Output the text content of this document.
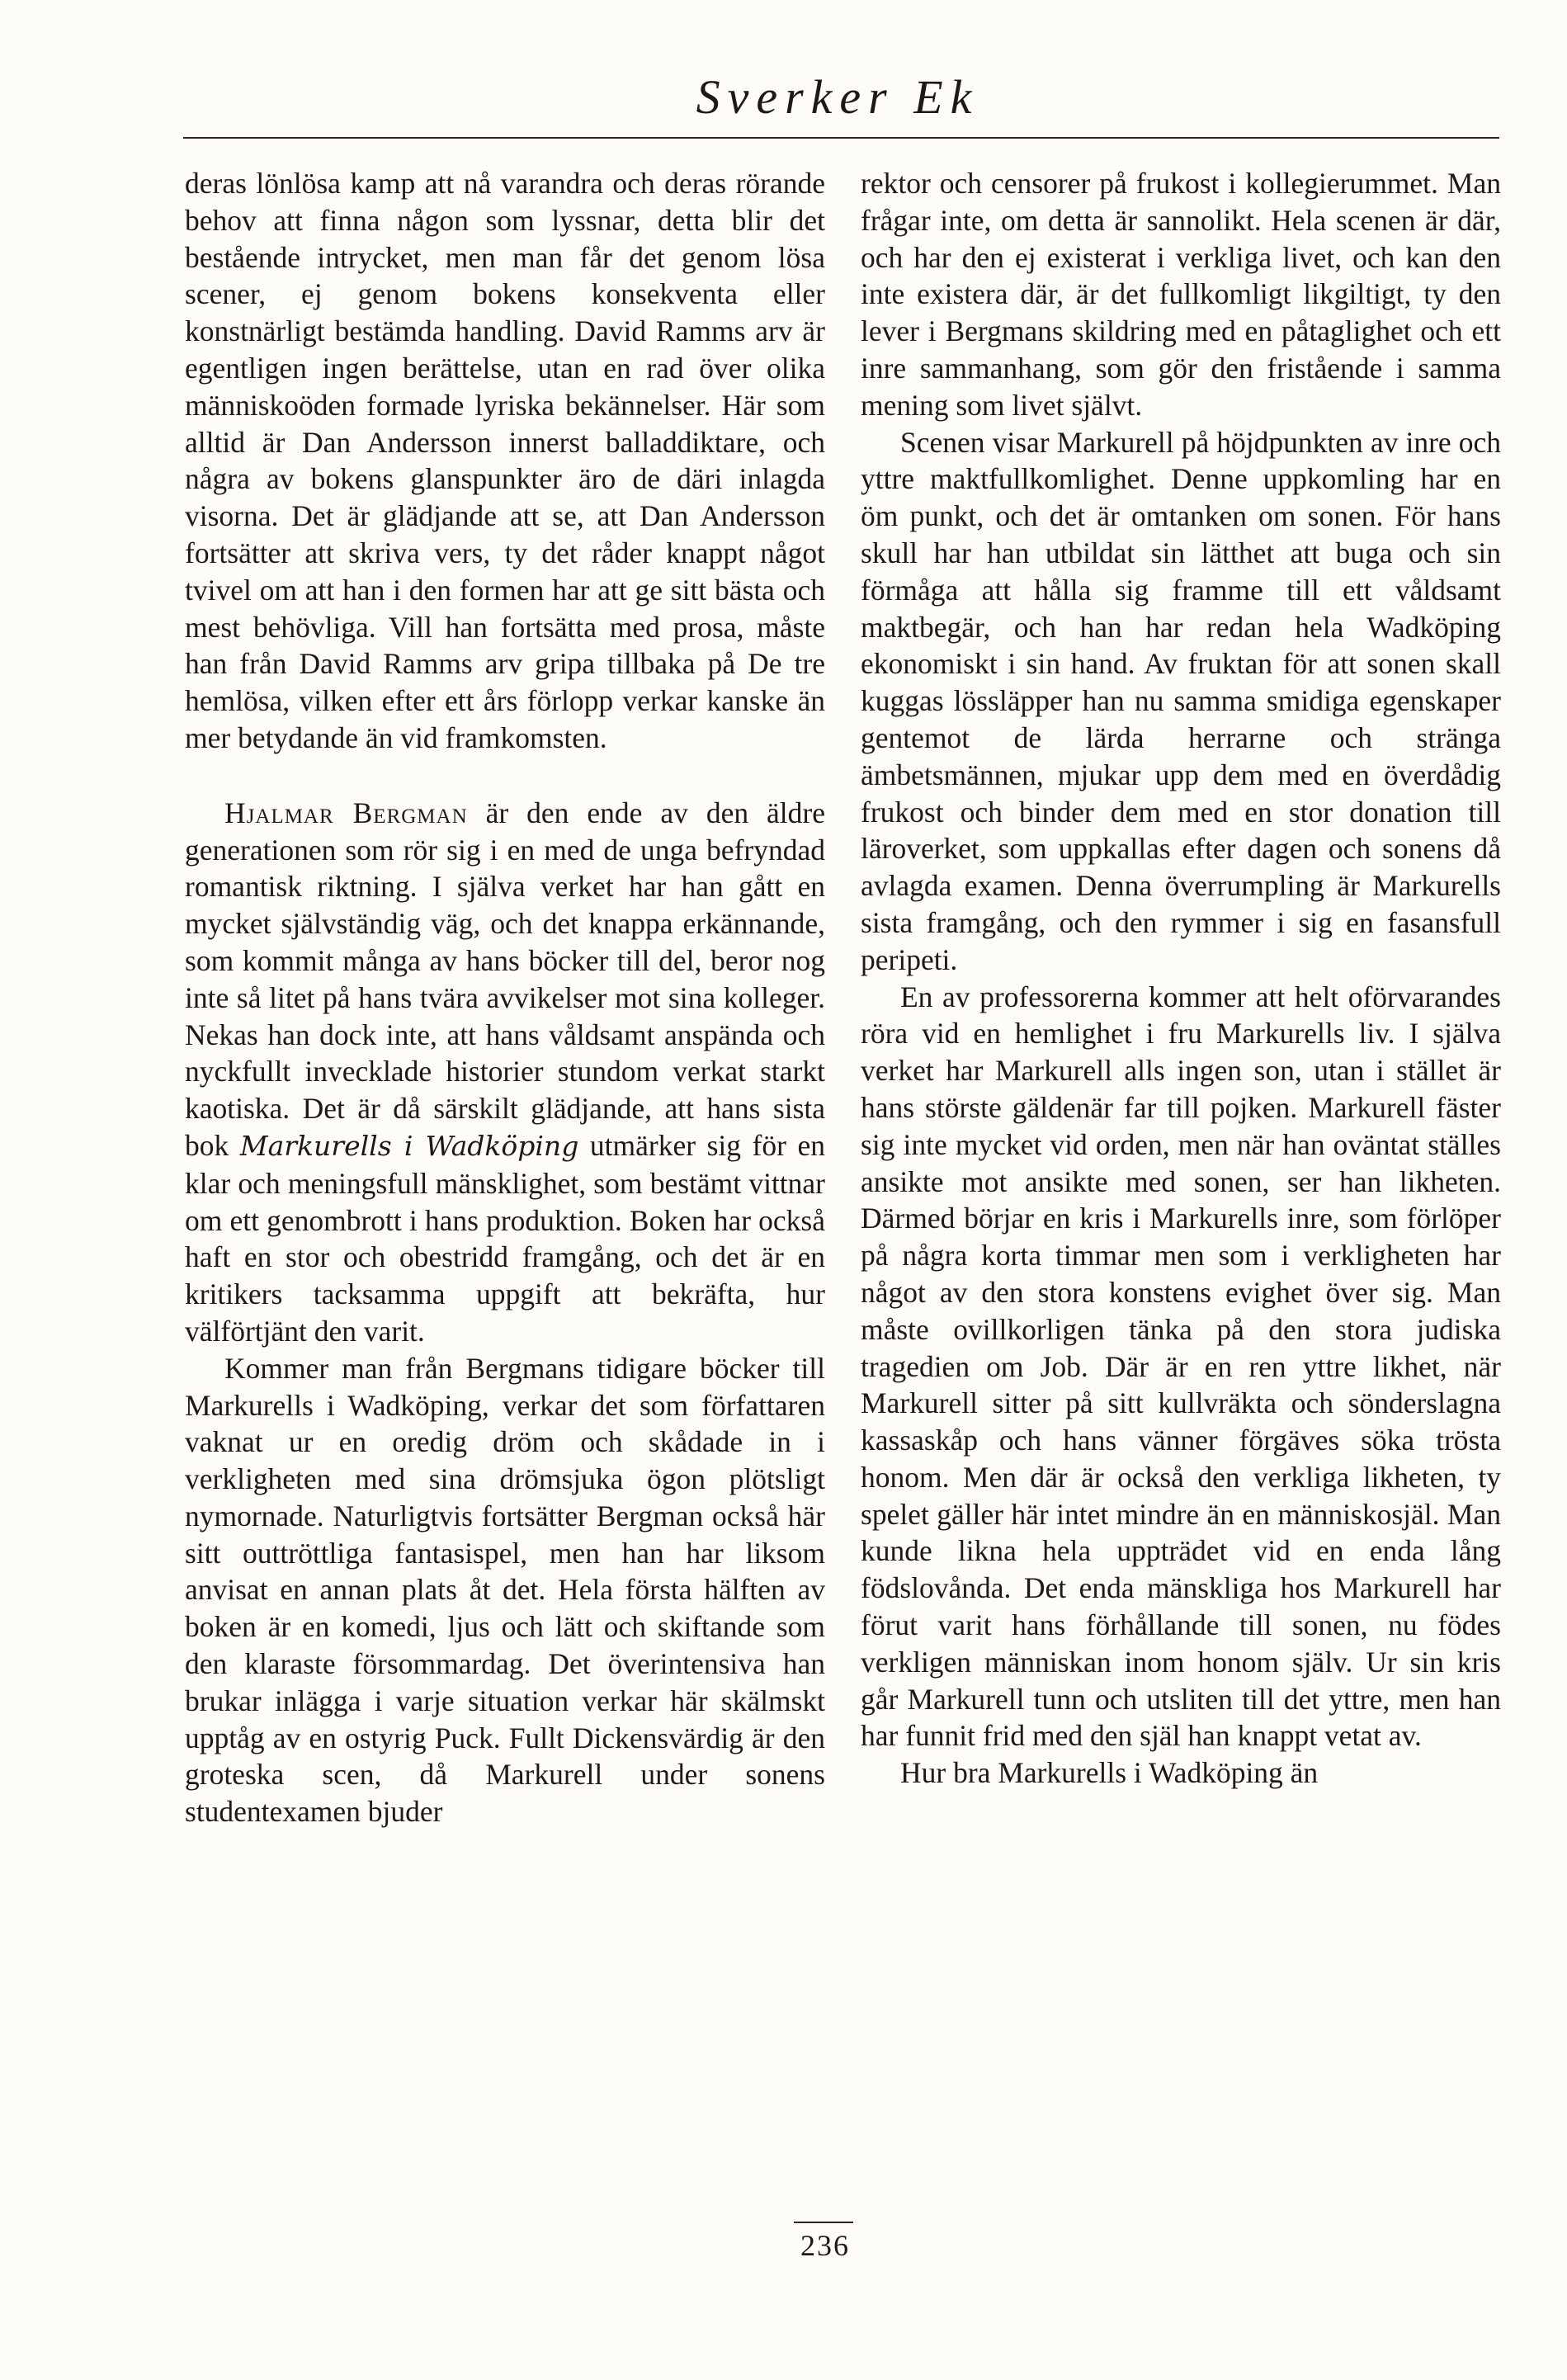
Sverker Ek

deras lönlösa kamp att nå varandra och deras rörande behov att finna någon som lyssnar, detta blir det bestående intrycket, men man får det genom lösa scener, ej genom bokens konsekventa eller konstnärligt bestämda handling. David Ramms arv är egentligen ingen berättelse, utan en rad över olika människoöden formade lyriska bekännelser. Här som alltid är Dan Andersson innerst balladdiktare, och några av bokens glanspunkter äro de däri inlagda visorna. Det är glädjande att se, att Dan Andersson fortsätter att skriva vers, ty det råder knappt något tvivel om att han i den formen har att ge sitt bästa och mest behövliga. Vill han fortsätta med prosa, måste han från David Ramms arv gripa tillbaka på De tre hemlösa, vilken efter ett års förlopp verkar kanske än mer betydande än vid framkomsten.

Hjalmar Bergman är den ende av den äldre generationen som rör sig i en med de unga befryndad romantisk riktning. I själva verket har han gått en mycket självständig väg, och det knappa erkännande, som kommit många av hans böcker till del, beror nog inte så litet på hans tvära avvikelser mot sina kolleger. Nekas han dock inte, att hans våldsamt anspända och nyckfullt invecklade historier stundom verkat starkt kaotiska. Det är då särskilt glädjande, att hans sista bok Markurells i Wadköping utmärker sig för en klar och meningsfull mänsklighet, som bestämt vittnar om ett genombrott i hans produktion. Boken har också haft en stor och obestridd framgång, och det är en kritikers tacksamma uppgift att bekräfta, hur välförtjänt den varit.

Kommer man från Bergmans tidigare böcker till Markurells i Wadköping, verkar det som författaren vaknat ur en oredig dröm och skådade in i verkligheten med sina drömsjuka ögon plötsligt nymornade. Naturligtvis fortsätter Bergman också här sitt outtröttliga fantasispel, men han har liksom anvisat en annan plats åt det. Hela första hälften av boken är en komedi, ljus och lätt och skiftande som den klaraste försommardag. Det överintensiva han brukar inlägga i varje situation verkar här skälmskt upptåg av en ostyrig Puck. Fullt Dickensvärdig är den groteska scen, då Markurell under sonens studentexamen bjuder

rektor och censorer på frukost i kollegierummet. Man frågar inte, om detta är sannolikt. Hela scenen är där, och har den ej existerat i verkliga livet, och kan den inte existera där, är det fullkomligt likgiltigt, ty den lever i Bergmans skildring med en påtaglighet och ett inre sammanhang, som gör den fristående i samma mening som livet självt.

Scenen visar Markurell på höjdpunkten av inre och yttre maktfullkomlighet. Denne uppkomling har en öm punkt, och det är omtanken om sonen. För hans skull har han utbildat sin lätthet att buga och sin förmåga att hålla sig framme till ett våldsamt maktbegär, och han har redan hela Wadköping ekonomiskt i sin hand. Av fruktan för att sonen skall kuggas lössläpper han nu samma smidiga egenskaper gentemot de lärda herrarne och stränga ämbetsmännen, mjukar upp dem med en överdådig frukost och binder dem med en stor donation till läroverket, som uppkallas efter dagen och sonens då avlagda examen. Denna överrumpling är Markurells sista framgång, och den rymmer i sig en fasansfull peripeti.

En av professorerna kommer att helt oförvarandes röra vid en hemlighet i fru Markurells liv. I själva verket har Markurell alls ingen son, utan i stället är hans störste gäldenär far till pojken. Markurell fäster sig inte mycket vid orden, men när han oväntat ställes ansikte mot ansikte med sonen, ser han likheten. Därmed börjar en kris i Markurells inre, som förlöper på några korta timmar men som i verkligheten har något av den stora konstens evighet över sig. Man måste ovillkorligen tänka på den stora judiska tragedien om Job. Där är en ren yttre likhet, när Markurell sitter på sitt kullvräkta och sönderslagna kassaskåp och hans vänner förgäves söka trösta honom. Men där är också den verkliga likheten, ty spelet gäller här intet mindre än en människosjäl. Man kunde likna hela uppträdet vid en enda lång födslovånda. Det enda mänskliga hos Markurell har förut varit hans förhållande till sonen, nu födes verkligen människan inom honom själv. Ur sin kris går Markurell tunn och utsliten till det yttre, men han har funnit frid med den själ han knappt vetat av.

Hur bra Markurells i Wadköping än

236
